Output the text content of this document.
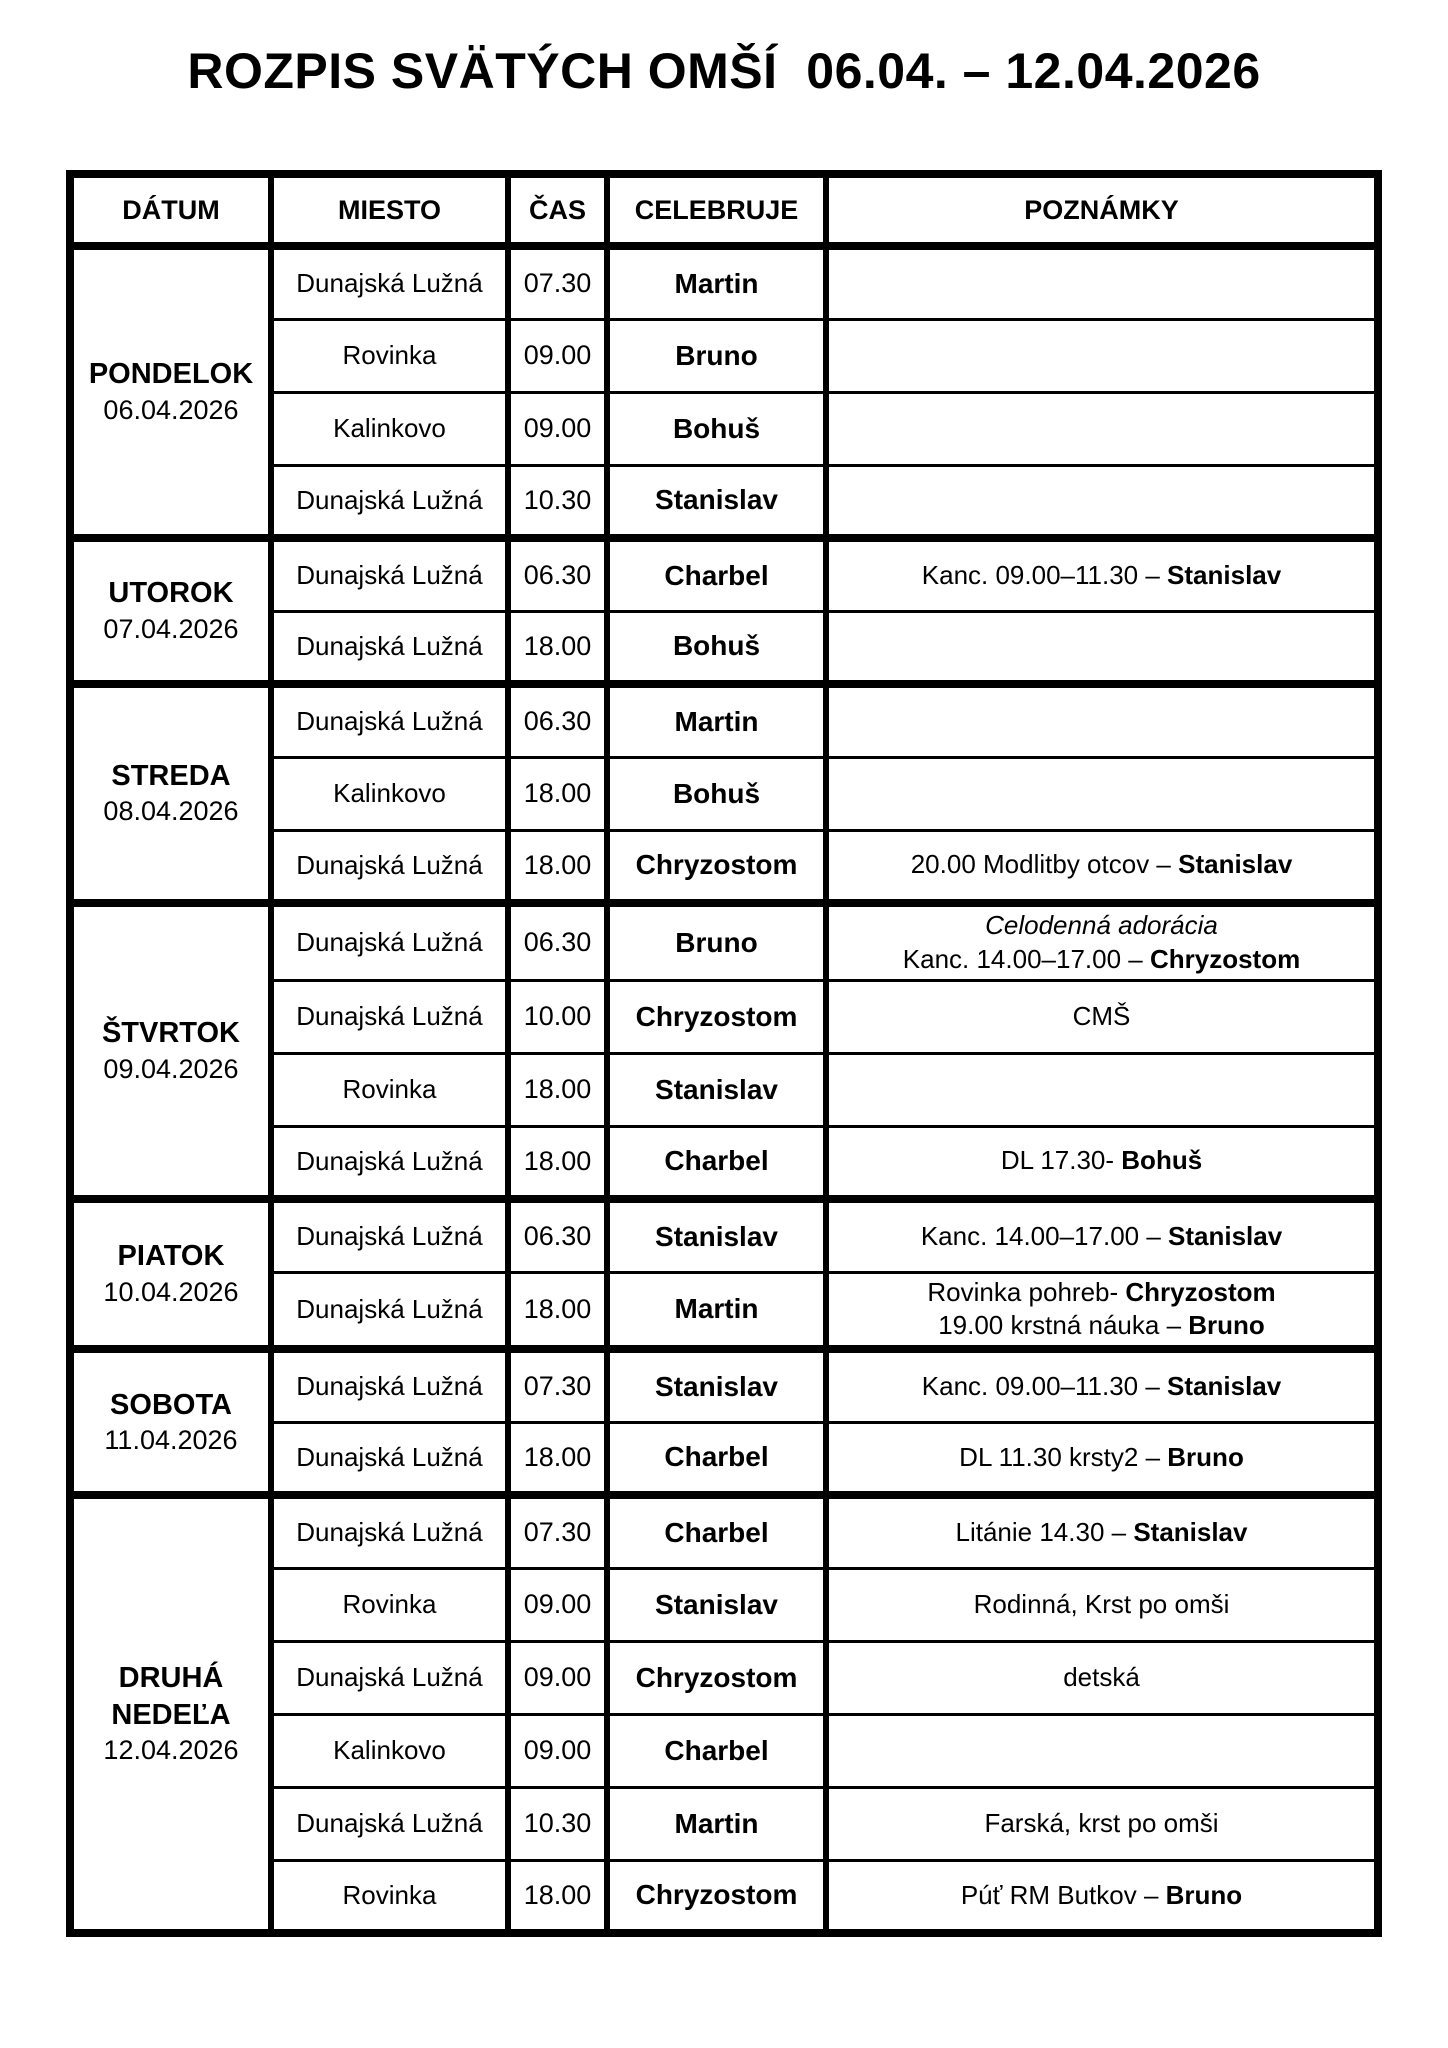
ROZPIS SVÄTÝCH OMŠÍ  06.04. – 12.04.2026
DÁTUM	MIESTO	ČAS	CELEBRUJE	POZNÁMKY

PONDELOK
06.04.2026	Dunajská Lužná	07.30	Martin	
	Rovinka	09.00	Bruno	
	Kalinkovo	09.00	Bohuš	
	Dunajská Lužná	10.30	Stanislav	

UTOROK
07.04.2026	Dunajská Lužná	06.30	Charbel	Kanc. 09.00–11.30 – Stanislav

	Dunajská Lužná	18.00	Bohuš	

STREDA
08.04.2026	Dunajská Lužná	06.30	Martin	
	Kalinkovo	18.00	Bohuš	
	Dunajská Lužná	18.00	Chryzostom	20.00 Modlitby otcov – Stanislav

ŠTVRTOK
09.04.2026
	Dunajská Lužná	06.30	Bruno	
Celodenná adorácia
Kanc. 14.00–17.00 – Chryzostom

	Dunajská Lužná	10.00	Chryzostom	CMŠ

	Rovinka	18.00	Stanislav	
	Dunajská Lužná	18.00	Charbel	DL 17.30- Bohuš

PIATOK
10.04.2026	Dunajská Lužná	06.30	Stanislav	Kanc. 14.00–17.00 – Stanislav

	Dunajská Lužná	18.00	Martin	Rovinka pohreb- Chryzostom
19.00 krstná náuka – Bruno

SOBOTA
11.04.2026	Dunajská Lužná	07.30	Stanislav	Kanc. 09.00–11.30 – Stanislav

	Dunajská Lužná	18.00	Charbel	DL 11.30 krsty2 – Bruno

DRUHÁ
NEDEĽA
12.04.2026	Dunajská Lužná	07.30	Charbel	Litánie 14.30 – Stanislav

	Rovinka	09.00	Stanislav	Rodinná, Krst po omši

	Dunajská Lužná	09.00	Chryzostom	detská

	Kalinkovo	09.00	Charbel	
	Dunajská Lužná	10.30	Martin	Farská, krst po omši

	Rovinka	18.00	Chryzostom	Púť RM Butkov – Bruno
